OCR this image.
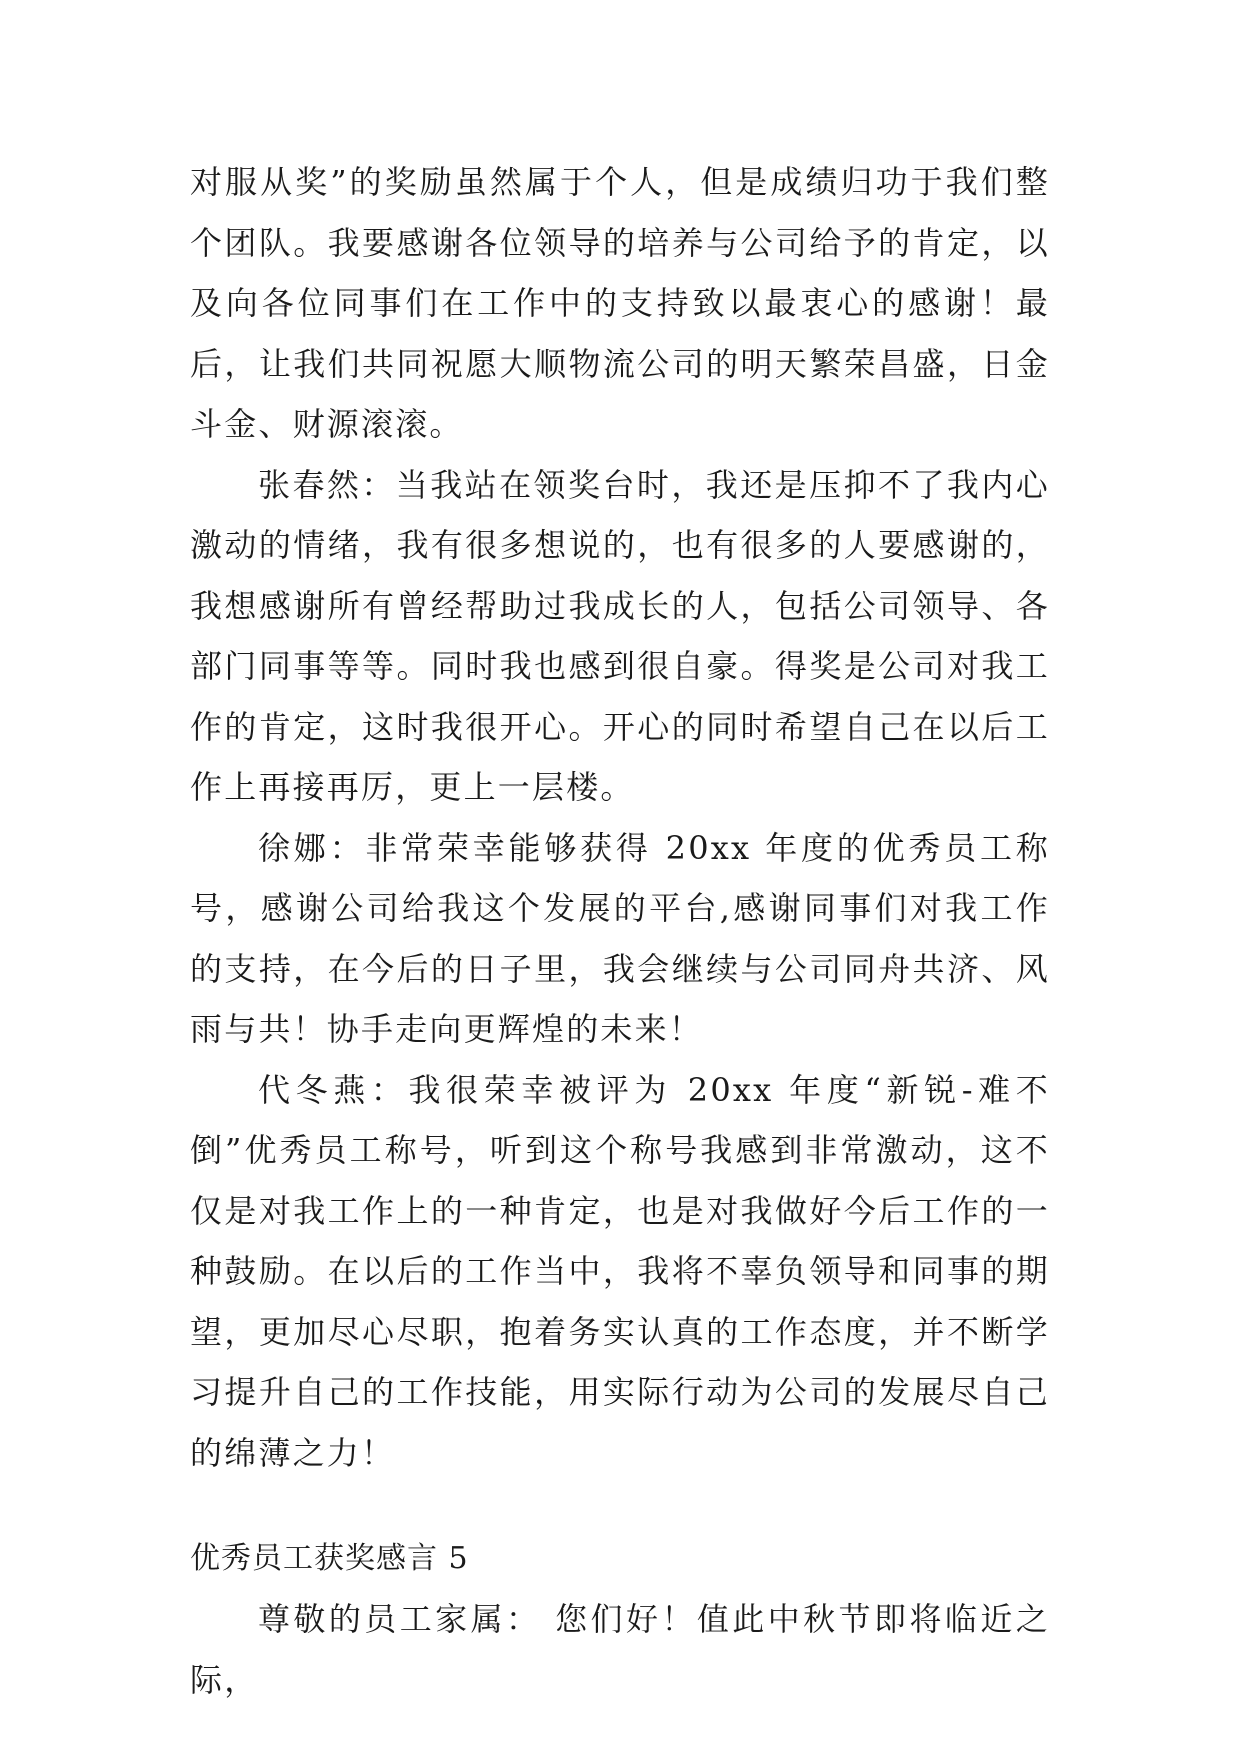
对服从奖”的奖励虽然属于个人，但是成绩归功于我们整个团队。我要感谢各位领导的培养与公司给予的肯定，以及向各位同事们在工作中的支持致以最衷心的感谢！最后，让我们共同祝愿大顺物流公司的明天繁荣昌盛，日金斗金、财源滚滚。

张春然：当我站在领奖台时，我还是压抑不了我内心激动的情绪，我有很多想说的，也有很多的人要感谢的，我想感谢所有曾经帮助过我成长的人，包括公司领导、各部门同事等等。同时我也感到很自豪。得奖是公司对我工作的肯定，这时我很开心。开心的同时希望自己在以后工作上再接再厉，更上一层楼。

徐娜：非常荣幸能够获得 20xx 年度的优秀员工称号，感谢公司给我这个发展的平台,感谢同事们对我工作的支持，在今后的日子里，我会继续与公司同舟共济、风雨与共！协手走向更辉煌的未来！

代冬燕：我很荣幸被评为 20xx 年度“新锐-难不倒”优秀员工称号，听到这个称号我感到非常激动，这不仅是对我工作上的一种肯定，也是对我做好今后工作的一种鼓励。在以后的工作当中，我将不辜负领导和同事的期望，更加尽心尽职，抱着务实认真的工作态度，并不断学习提升自己的工作技能，用实际行动为公司的发展尽自己的绵薄之力！

优秀员工获奖感言 5

尊敬的员工家属： 您们好！值此中秋节即将临近之际，
